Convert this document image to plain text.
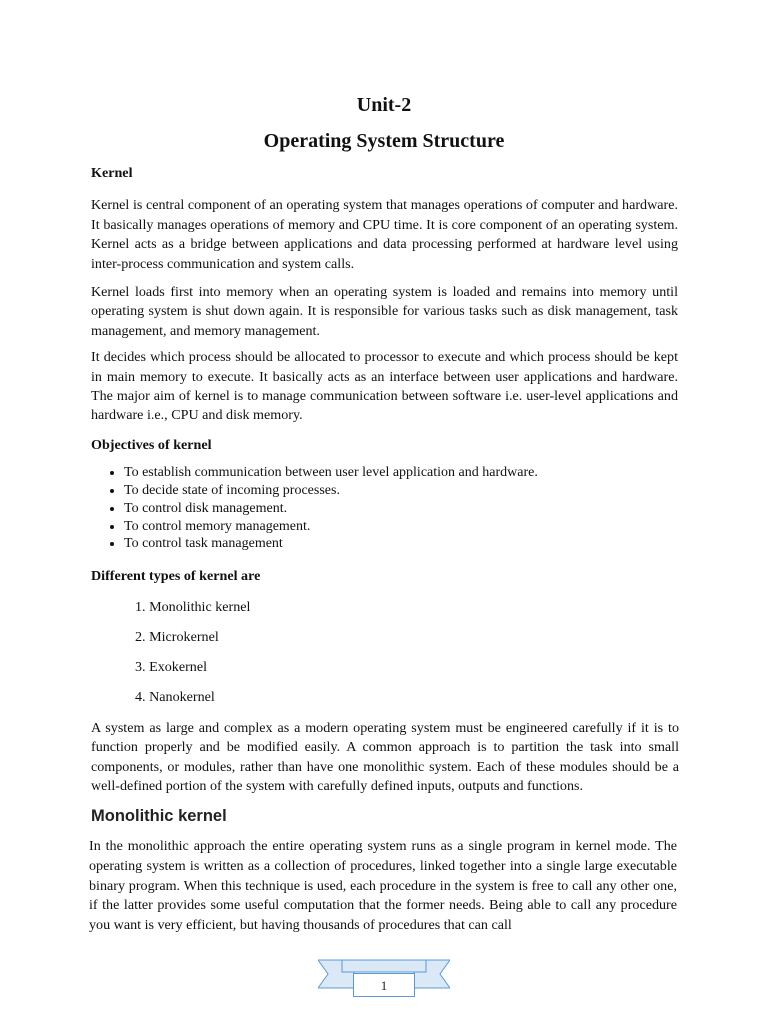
Unit-2
Operating System Structure

Kernel

Kernel is central component of an operating system that manages operations of computer and hardware. It basically manages operations of memory and CPU time. It is core component of an operating system. Kernel acts as a bridge between applications and data processing performed at hardware level using inter-process communication and system calls.

Kernel loads first into memory when an operating system is loaded and remains into memory until operating system is shut down again. It is responsible for various tasks such as disk management, task management, and memory management.

It decides which process should be allocated to processor to execute and which process should be kept in main memory to execute. It basically acts as an interface between user applications and hardware. The major aim of kernel is to manage communication between software i.e. user-level applications and hardware i.e., CPU and disk memory.

Objectives of kernel

• To establish communication between user level application and hardware.
• To decide state of incoming processes.
• To control disk management.
• To control memory management.
• To control task management

Different types of kernel are

1. Monolithic kernel
2. Microkernel
3. Exokernel
4. Nanokernel

A system as large and complex as a modern operating system must be engineered carefully if it is to function properly and be modified easily. A common approach is to partition the task into small components, or modules, rather than have one monolithic system. Each of these modules should be a well-defined portion of the system with carefully defined inputs, outputs and functions.

Monolithic kernel

In the monolithic approach the entire operating system runs as a single program in kernel mode. The operating system is written as a collection of procedures, linked together into a single large executable binary program. When this technique is used, each procedure in the system is free to call any other one, if the latter provides some useful computation that the former needs. Being able to call any procedure you want is very efficient, but having thousands of procedures that can call

1
